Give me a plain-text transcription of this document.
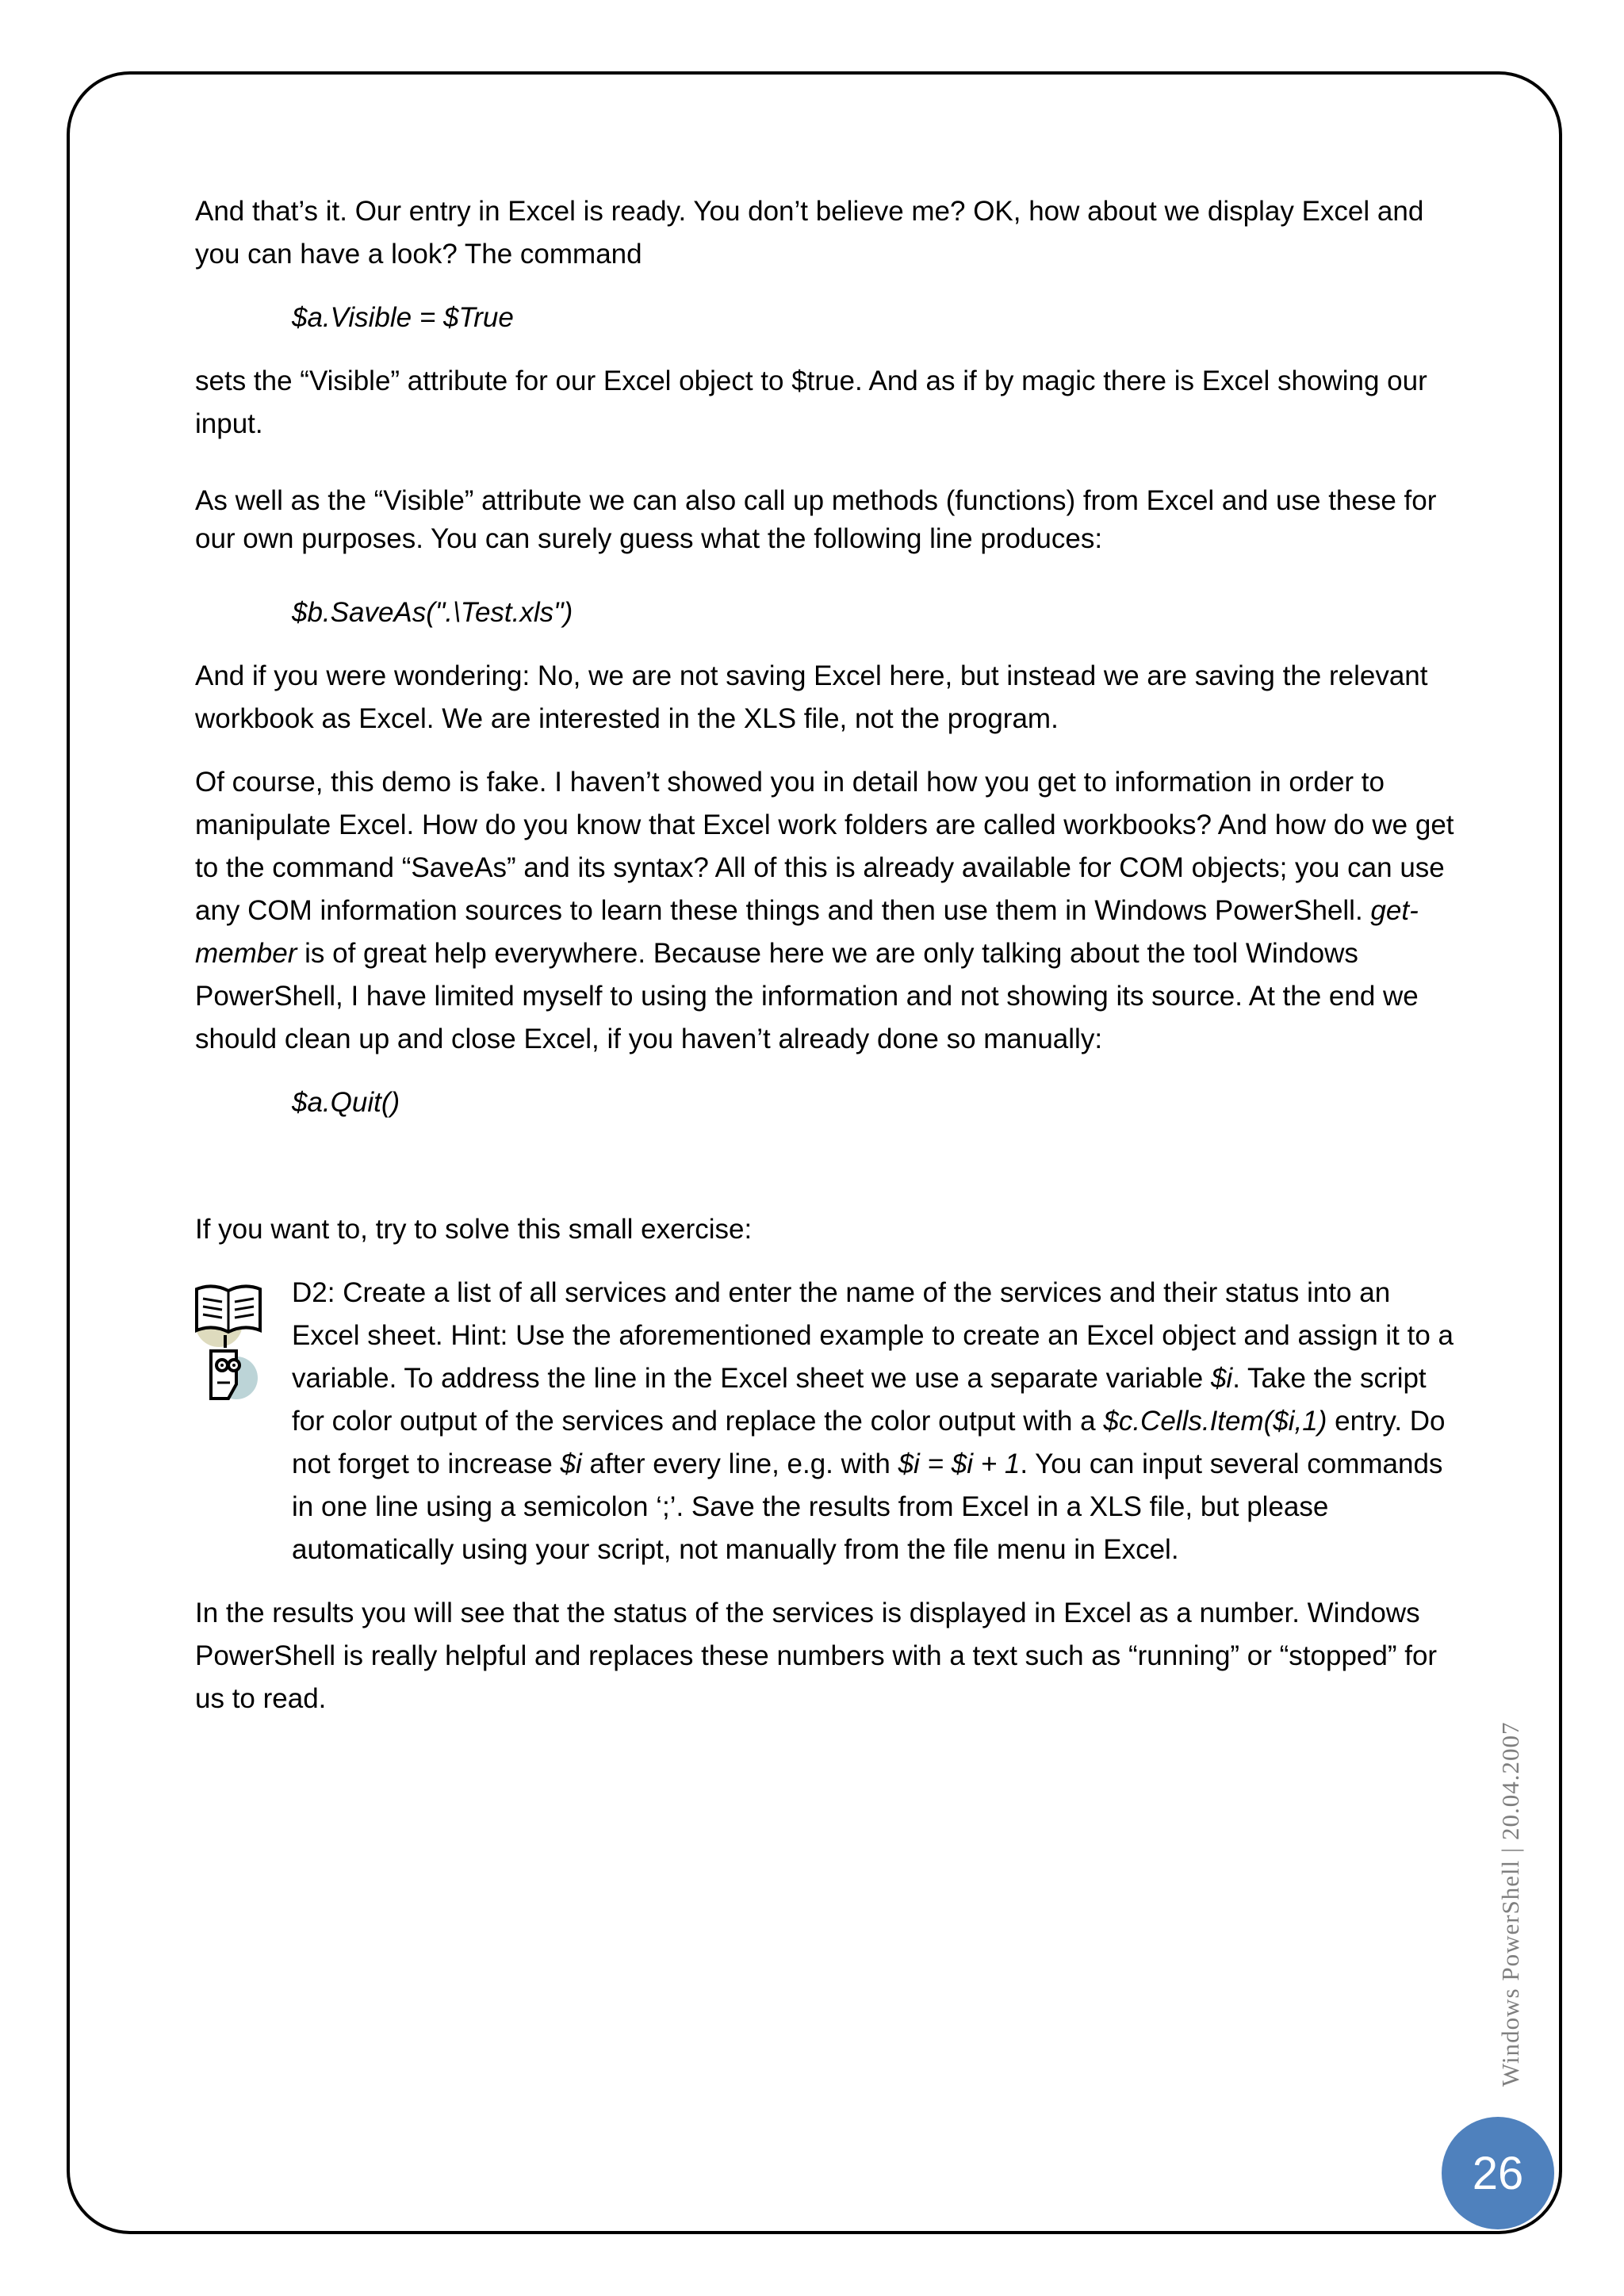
And that’s it. Our entry in Excel is ready. You don’t believe me? OK, how about we display Excel and you can have a look? The command

$a.Visible = $True

sets the “Visible” attribute for our Excel object to $true. And as if by magic there is Excel showing our input.

As well as the “Visible” attribute we can also call up methods (functions) from Excel and use these for our own purposes. You can surely guess what the following line produces:

$b.SaveAs(".\Test.xls")

And if you were wondering: No, we are not saving Excel here, but instead we are saving the relevant workbook as Excel. We are interested in the XLS file, not the program.

Of course, this demo is fake. I haven’t showed you in detail how you get to information in order to manipulate Excel. How do you know that Excel work folders are called workbooks? And how do we get to the command “SaveAs” and its syntax? All of this is already available for COM objects; you can use any COM information sources to learn these things and then use them in Windows PowerShell. get-member is of great help everywhere. Because here we are only talking about the tool Windows PowerShell, I have limited myself to using the information and not showing its source. At the end we should clean up and close Excel, if you haven’t already done so manually:

$a.Quit()

If you want to, try to solve this small exercise:

D2: Create a list of all services and enter the name of the services and their status into an Excel sheet. Hint: Use the aforementioned example to create an Excel object and assign it to a variable. To address the line in the Excel sheet we use a separate variable $i. Take the script for color output of the services and replace the color output with a $c.Cells.Item($i,1) entry. Do not forget to increase $i after every line, e.g. with $i = $i + 1. You can input several commands in one line using a semicolon ‘;’. Save the results from Excel in a XLS file, but please automatically using your script, not manually from the file menu in Excel.

In the results you will see that the status of the services is displayed in Excel as a number. Windows PowerShell is really helpful and replaces these numbers with a text such as “running” or “stopped” for us to read.

Windows PowerShell | 20.04.2007
26
